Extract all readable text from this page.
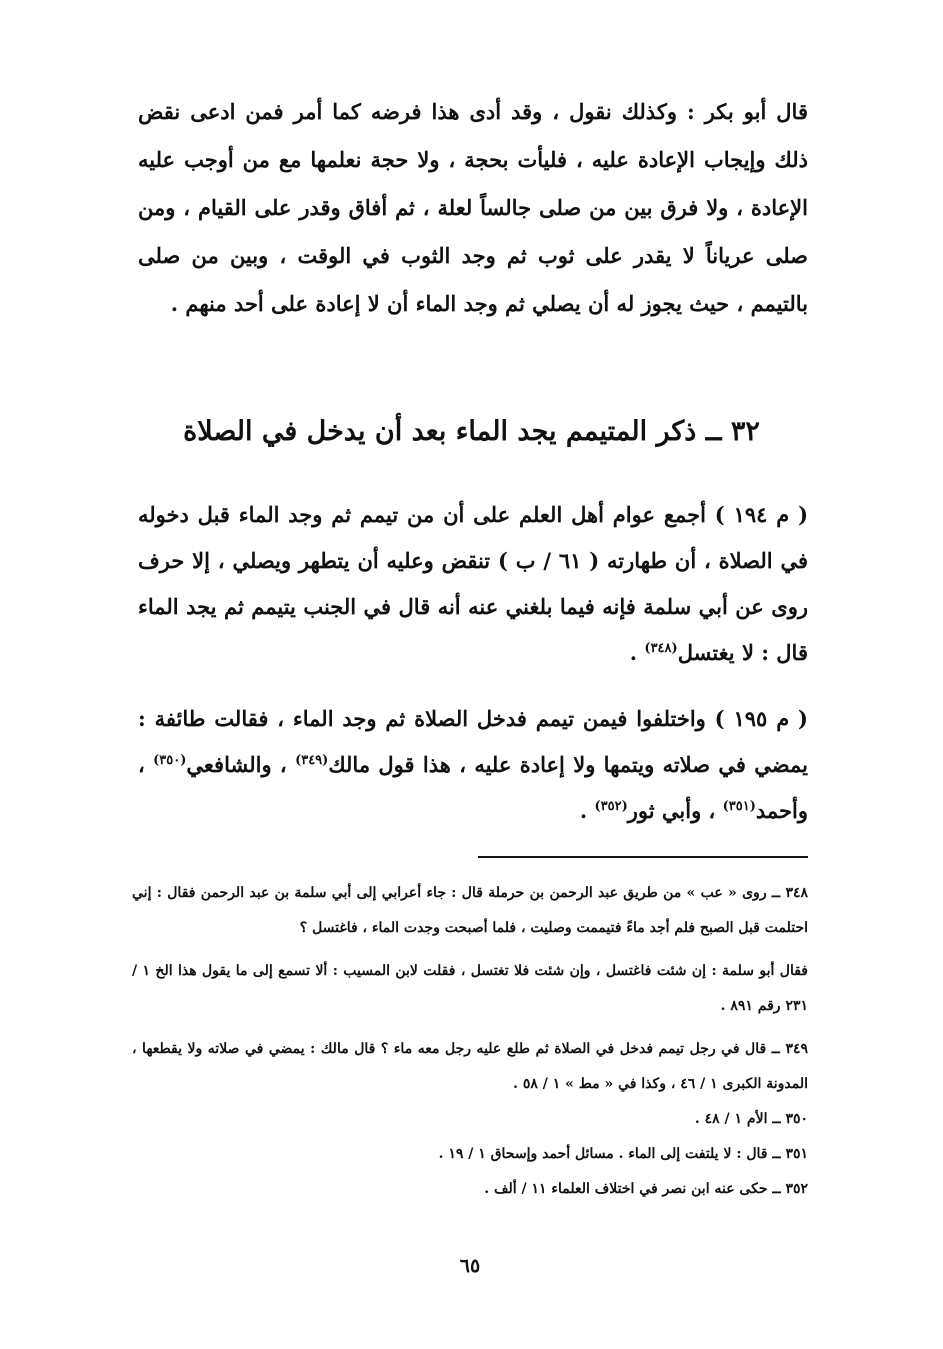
قال أبو بكر : وكذلك نقول ، وقد أدى هذا فرضه كما أمر فمن ادعى نقض ذلك وإيجاب الإعادة عليه ، فليأت بحجة ، ولا حجة نعلمها مع من أوجب عليه الإعادة ، ولا فرق بين من صلى جالساً لعلة ، ثم أفاق وقدر على القيام ، ومن صلى عرياناً لا يقدر على ثوب ثم وجد الثوب في الوقت ، وبين من صلى بالتيمم ، حيث يجوز له أن يصلي ثم وجد الماء أن لا إعادة على أحد منهم .
٣٢ ــ ذكر المتيمم يجد الماء بعد أن يدخل في الصلاة
( م ١٩٤ ) أجمع عوام أهل العلم على أن من تيمم ثم وجد الماء قبل دخوله في الصلاة ، أن طهارته ( ٦١ / ب ) تنقض وعليه أن يتطهر ويصلي ، إلا حرف روى عن أبي سلمة فإنه فيما بلغني عنه أنه قال في الجنب يتيمم ثم يجد الماء قال : لا يغتسل$^{(٣٤٨)}$ .
( م ١٩٥ ) واختلفوا فيمن تيمم فدخل الصلاة ثم وجد الماء ، فقالت طائفة : يمضي في صلاته ويتمها ولا إعادة عليه ، هذا قول مالك$^{(٣٤٩)}$ ، والشافعي$^{(٣٥٠)}$ ، وأحمد$^{(٣٥١)}$ ، وأبي ثور$^{(٣٥٢)}$ .
٣٤٨ ــ روى « عب » من طريق عبد الرحمن بن حرملة قال : جاء أعرابي إلى أبي سلمة بن عبد الرحمن فقال : إني احتلمت قبل الصبح فلم أجد ماءً فتيممت وصليت ، فلما أصبحت وجدت الماء ، فاغتسل ؟
فقال أبو سلمة : إن شئت فاغتسل ، وإن شئت فلا تغتسل ، فقلت لابن المسيب : ألا تسمع إلى ما يقول هذا الخ ١ / ٢٣١ رقم ٨٩١ .
٣٤٩ ــ قال في رجل تيمم فدخل في الصلاة ثم طلع عليه رجل معه ماء ؟ قال مالك : يمضي في صلاته ولا يقطعها ، المدونة الكبرى ١ / ٤٦ ، وكذا في « مط » ١ / ٥٨ .
٣٥٠ ــ الأم ١ / ٤٨ .
٣٥١ ــ قال : لا يلتفت إلى الماء . مسائل أحمد وإسحاق ١ / ١٩ .
٣٥٢ ــ حكى عنه ابن نصر في اختلاف العلماء ١١ / ألف .
٦٥
